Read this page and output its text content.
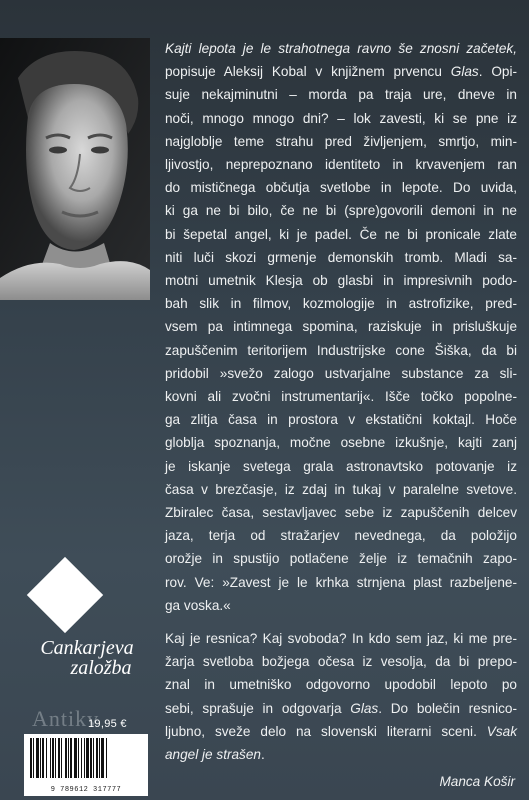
Kajti lepota je le strahotnega ravno še znosni začetek,
popisuje Aleksij Kobal v knjižnem prvencu Glas. Opi-
suje nekajminutni – morda pa traja ure, dneve in
noči, mnogo mnogo dni? – lok zavesti, ki se pne iz
najgloblje teme strahu pred življenjem, smrtjo, min-
ljivostjo, neprepoznano identiteto in krvavenjem ran
do mističnega občutja svetlobe in lepote. Do uvida,
ki ga ne bi bilo, če ne bi (spre)govorili demoni in ne
bi šepetal angel, ki je padel. Če ne bi pronicale zlate
niti luči skozi grmenje demonskih tromb. Mladi sa-
motni umetnik Klesja ob glasbi in impresivnih podo-
bah slik in filmov, kozmologije in astrofizike, pred-
vsem pa intimnega spomina, raziskuje in prisluškuje
zapuščenim teritorijem Industrijske cone Šiška, da bi
pridobil »svežo zalogo ustvarjalne substance za sli-
kovni ali zvočni instrumentarij«. Išče točko popolne-
ga zlitja časa in prostora v ekstatični koktajl. Hoče
globlja spoznanja, močne osebne izkušnje, kajti zanj
je iskanje svetega grala astronavtsko potovanje iz
časa v brezčasje, iz zdaj in tukaj v paralelne svetove.
Zbiralec časa, sestavljavec sebe iz zapuščenih delcev
jaza, terja od stražarjev nevednega, da položijo
orožje in spustijo potlačene želje iz temačnih zapo-
rov. Ve: »Zavest je le krhka strnjena plast razbeljene-
ga voska.«

Kaj je resnica? Kaj svoboda? In kdo sem jaz, ki me pre-
žarja svetloba božjega očesa iz vesolja, da bi prepo-
znal in umetniško odgovorno upodobil lepoto po
sebi, sprašuje in odgovarja Glas. Do bolečin resnico-
ljubno, sveže delo na slovenski literarni sceni. Vsak
angel je strašen.

Manca Košir
Cankarjeva
založba
Antikv
19,95 €
9 789612 317777
